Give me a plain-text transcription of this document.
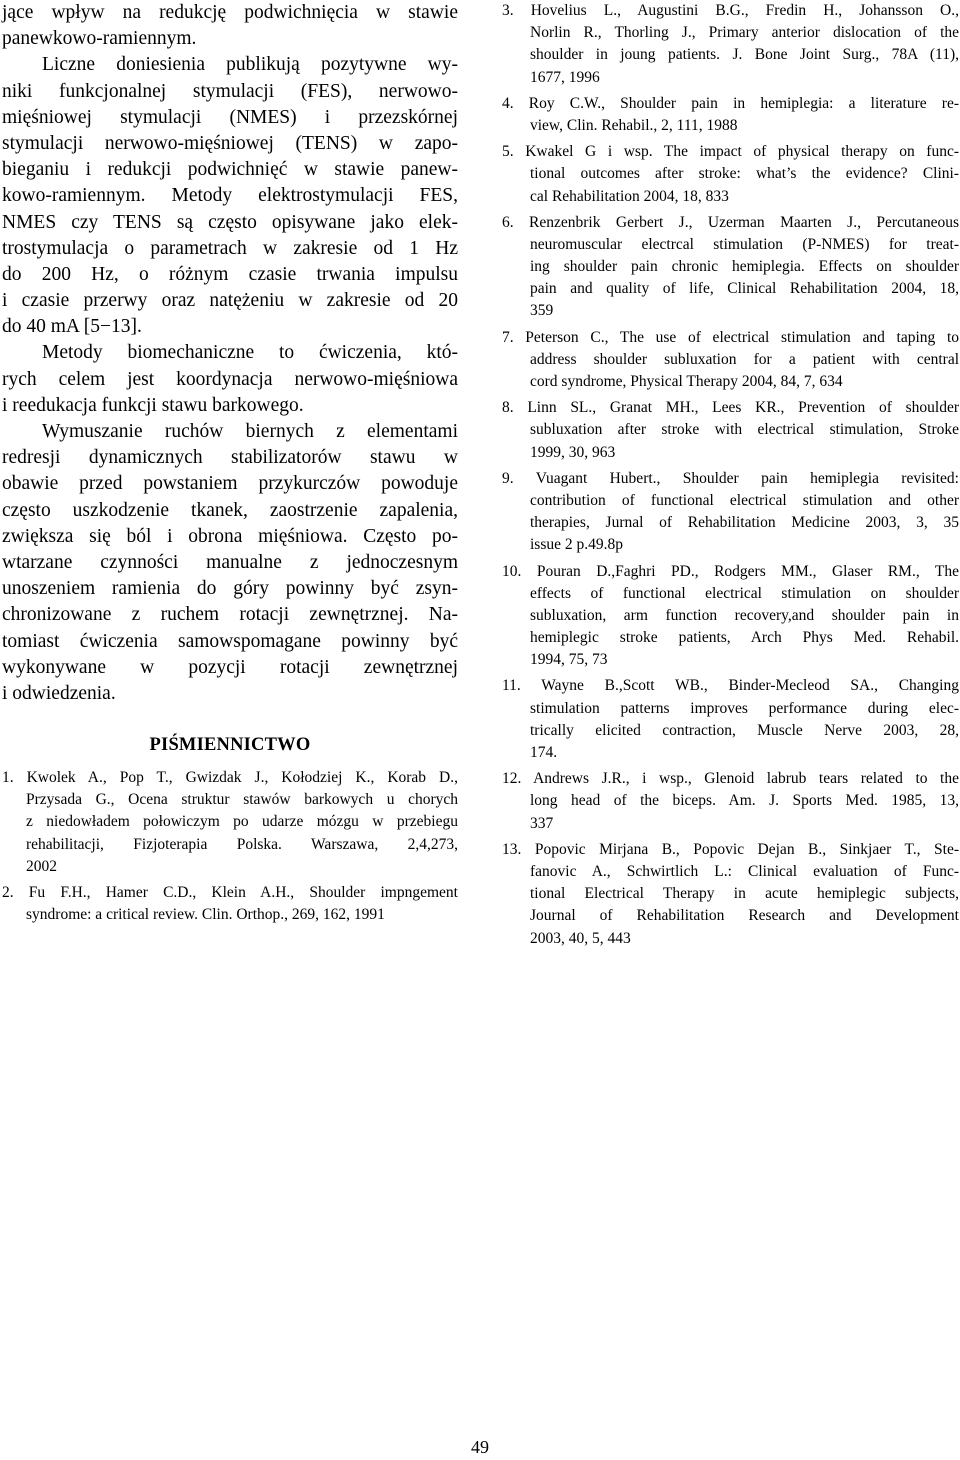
jące wpływ na redukcję podwichnięcia w stawie
panewkowo-ramiennym.
Liczne doniesienia publikują pozytywne wy-
niki funkcjonalnej stymulacji (FES), nerwowo-
mięśniowej stymulacji (NMES) i przezskórnej
stymulacji nerwowo-mięśniowej (TENS) w zapo-
bieganiu i redukcji podwichnięć w stawie panew-
kowo-ramiennym. Metody elektrostymulacji FES,
NMES czy TENS są często opisywane jako elek-
trostymulacja o parametrach w zakresie od 1 Hz
do 200 Hz, o różnym czasie trwania impulsu
i czasie przerwy oraz natężeniu w zakresie od 20
do 40 mA [5−13].
Metody biomechaniczne to ćwiczenia, któ-
rych celem jest koordynacja nerwowo-mięśniowa
i reedukacja funkcji stawu barkowego.
Wymuszanie ruchów biernych z elementami
redresji dynamicznych stabilizatorów stawu w
obawie przed powstaniem przykurczów powoduje
często uszkodzenie tkanek, zaostrzenie zapalenia,
zwiększa się ból i obrona mięśniowa. Często po-
wtarzane czynności manualne z jednoczesnym
unoszeniem ramienia do góry powinny być zsyn-
chronizowane z ruchem rotacji zewnętrznej. Na-
tomiast ćwiczenia samowspomagane powinny być
wykonywane w pozycji rotacji zewnętrznej
i odwiedzenia.
PIŚMIENNICTWO
1. Kwolek A., Pop T., Gwizdak J., Kołodziej K., Korab D.,
Przysada G., Ocena struktur stawów barkowych u chorych
z niedowładem połowiczym po udarze mózgu w przebiegu
rehabilitacji, Fizjoterapia Polska. Warszawa, 2,4,273,
2002
2. Fu F.H., Hamer C.D., Klein A.H., Shoulder impngement
syndrome: a critical review. Clin. Orthop., 269, 162, 1991
3. Hovelius L., Augustini B.G., Fredin H., Johansson O.,
Norlin R., Thorling J., Primary anterior dislocation of the
shoulder in joung patients. J. Bone Joint Surg., 78A (11),
1677, 1996
4. Roy C.W., Shoulder pain in hemiplegia: a literature re-
view, Clin. Rehabil., 2, 111, 1988
5. Kwakel G i wsp. The impact of physical therapy on func-
tional outcomes after stroke: what’s the evidence? Clini-
cal Rehabilitation 2004, 18, 833
6. Renzenbrik Gerbert J., Uzerman Maarten J., Percutaneous
neuromuscular electrcal stimulation (P-NMES) for treat-
ing shoulder pain chronic hemiplegia. Effects on shoulder
pain and quality of life, Clinical Rehabilitation 2004, 18,
359
7. Peterson C., The use of electrical stimulation and taping to
address shoulder subluxation for a patient with central
cord syndrome, Physical Therapy 2004, 84, 7, 634
8. Linn SL., Granat MH., Lees KR., Prevention of shoulder
subluxation after stroke with electrical stimulation, Stroke
1999, 30, 963
9. Vuagant Hubert., Shoulder pain hemiplegia revisited:
contribution of functional electrical stimulation and other
therapies, Jurnal of Rehabilitation Medicine 2003, 3, 35
issue 2 p.49.8p
10. Pouran D.,Faghri PD., Rodgers MM., Glaser RM., The
effects of functional electrical stimulation on shoulder
subluxation, arm function recovery,and shoulder pain in
hemiplegic stroke patients, Arch Phys Med. Rehabil.
1994, 75, 73
11. Wayne B.,Scott WB., Binder-Mecleod SA., Changing
stimulation patterns improves performance during elec-
trically elicited contraction, Muscle Nerve 2003, 28,
174.
12. Andrews J.R., i wsp., Glenoid labrub tears related to the
long head of the biceps. Am. J. Sports Med. 1985, 13,
337
13. Popovic Mirjana B., Popovic Dejan B., Sinkjaer T., Ste-
fanovic A., Schwirtlich L.: Clinical evaluation of Func-
tional Electrical Therapy in acute hemiplegic subjects,
Journal of Rehabilitation Research and Development
2003, 40, 5, 443
49
